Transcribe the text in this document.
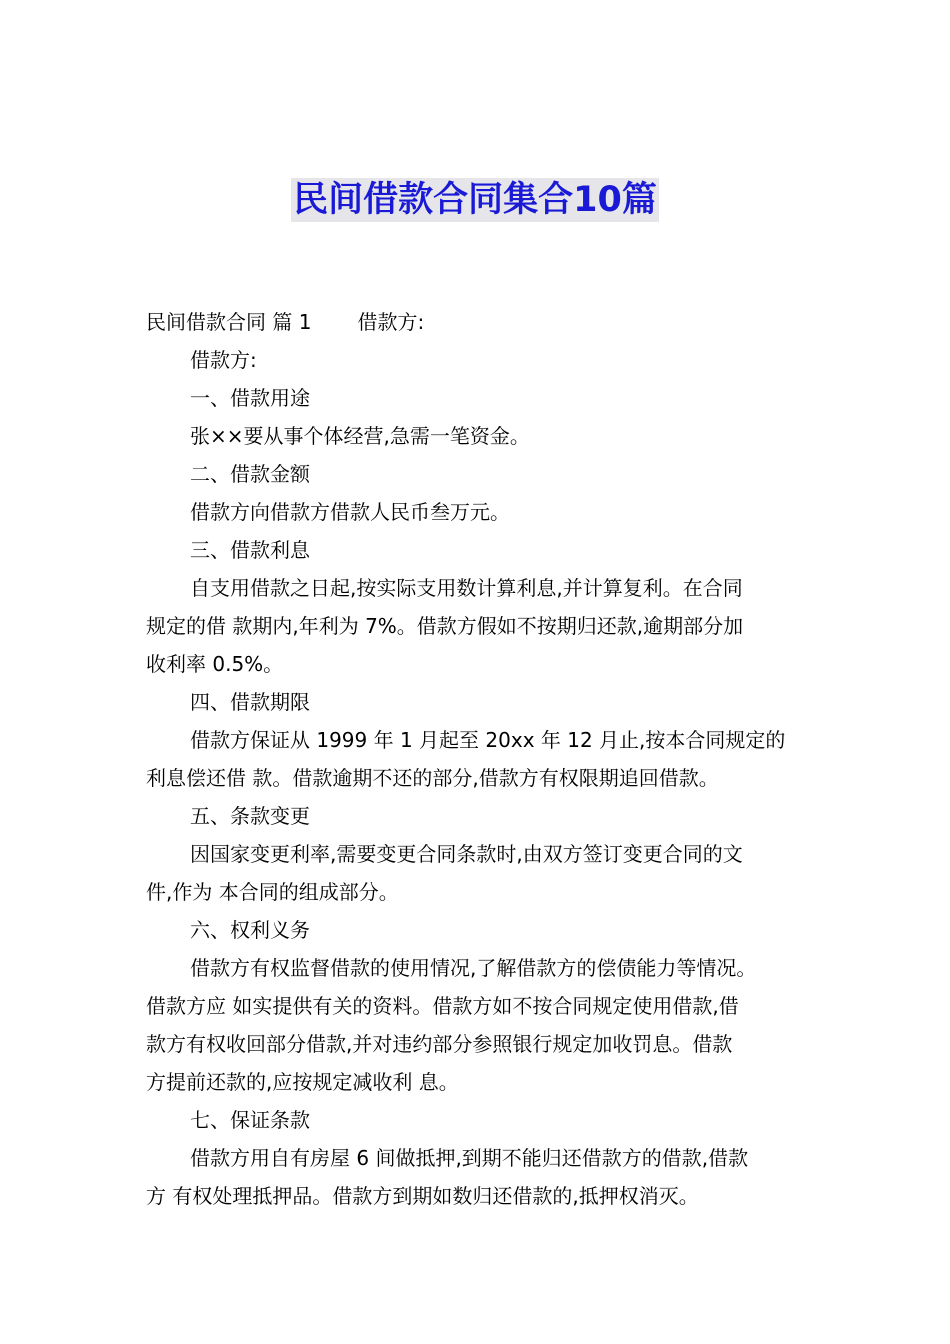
民间借款合同集合10篇
民间借款合同 篇 1 借款方:
借款方:
一、借款用途
张××要从事个体经营,急需一笔资金。
二、借款金额
借款方向借款方借款人民币叁万元。
三、借款利息
自支用借款之日起,按实际支用数计算利息,并计算复利。在合同
规定的借 款期内,年利为 7%。借款方假如不按期归还款,逾期部分加
收利率 0.5%。
四、借款期限
借款方保证从 1999 年 1 月起至 20xx 年 12 月止,按本合同规定的
利息偿还借 款。借款逾期不还的部分,借款方有权限期追回借款。
五、条款变更
因国家变更利率,需要变更合同条款时,由双方签订变更合同的文
件,作为 本合同的组成部分。
六、权利义务
借款方有权监督借款的使用情况,了解借款方的偿债能力等情况。
借款方应 如实提供有关的资料。借款方如不按合同规定使用借款,借
款方有权收回部分借款,并对违约部分参照银行规定加收罚息。借款
方提前还款的,应按规定减收利 息。
七、保证条款
借款方用自有房屋 6 间做抵押,到期不能归还借款方的借款,借款
方 有权处理抵押品。借款方到期如数归还借款的,抵押权消灭。
